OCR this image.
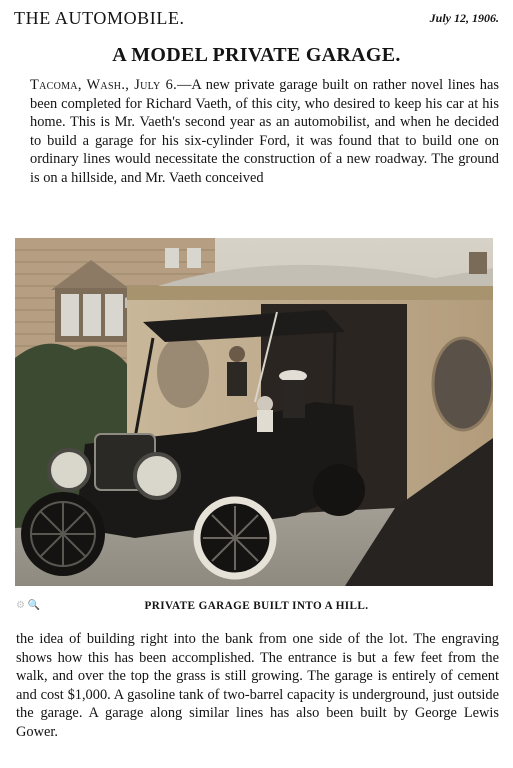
THE AUTOMOBILE.	July 12, 1906.
A MODEL PRIVATE GARAGE.

Tacoma, Wash., July 6.—A new private garage built on rather novel lines has been completed for Richard Vaeth, of this city, who desired to keep his car at his home. This is Mr. Vaeth's second year as an automobilist, and when he decided to build a garage for his six-cylinder Ford, it was found that to build one on ordinary lines would necessitate the construction of a new roadway. The ground is on a hillside, and Mr. Vaeth conceived

⚙ 🔍	PRIVATE GARAGE BUILT INTO A HILL.

the idea of building right into the bank from one side of the lot. The engraving shows how this has been accomplished. The entrance is but a few feet from the walk, and over the top the grass is still growing. The garage is entirely of cement and cost $1,000. A gasoline tank of two-barrel capacity is underground, just outside the garage. A garage along similar lines has also been built by George Lewis Gower.
